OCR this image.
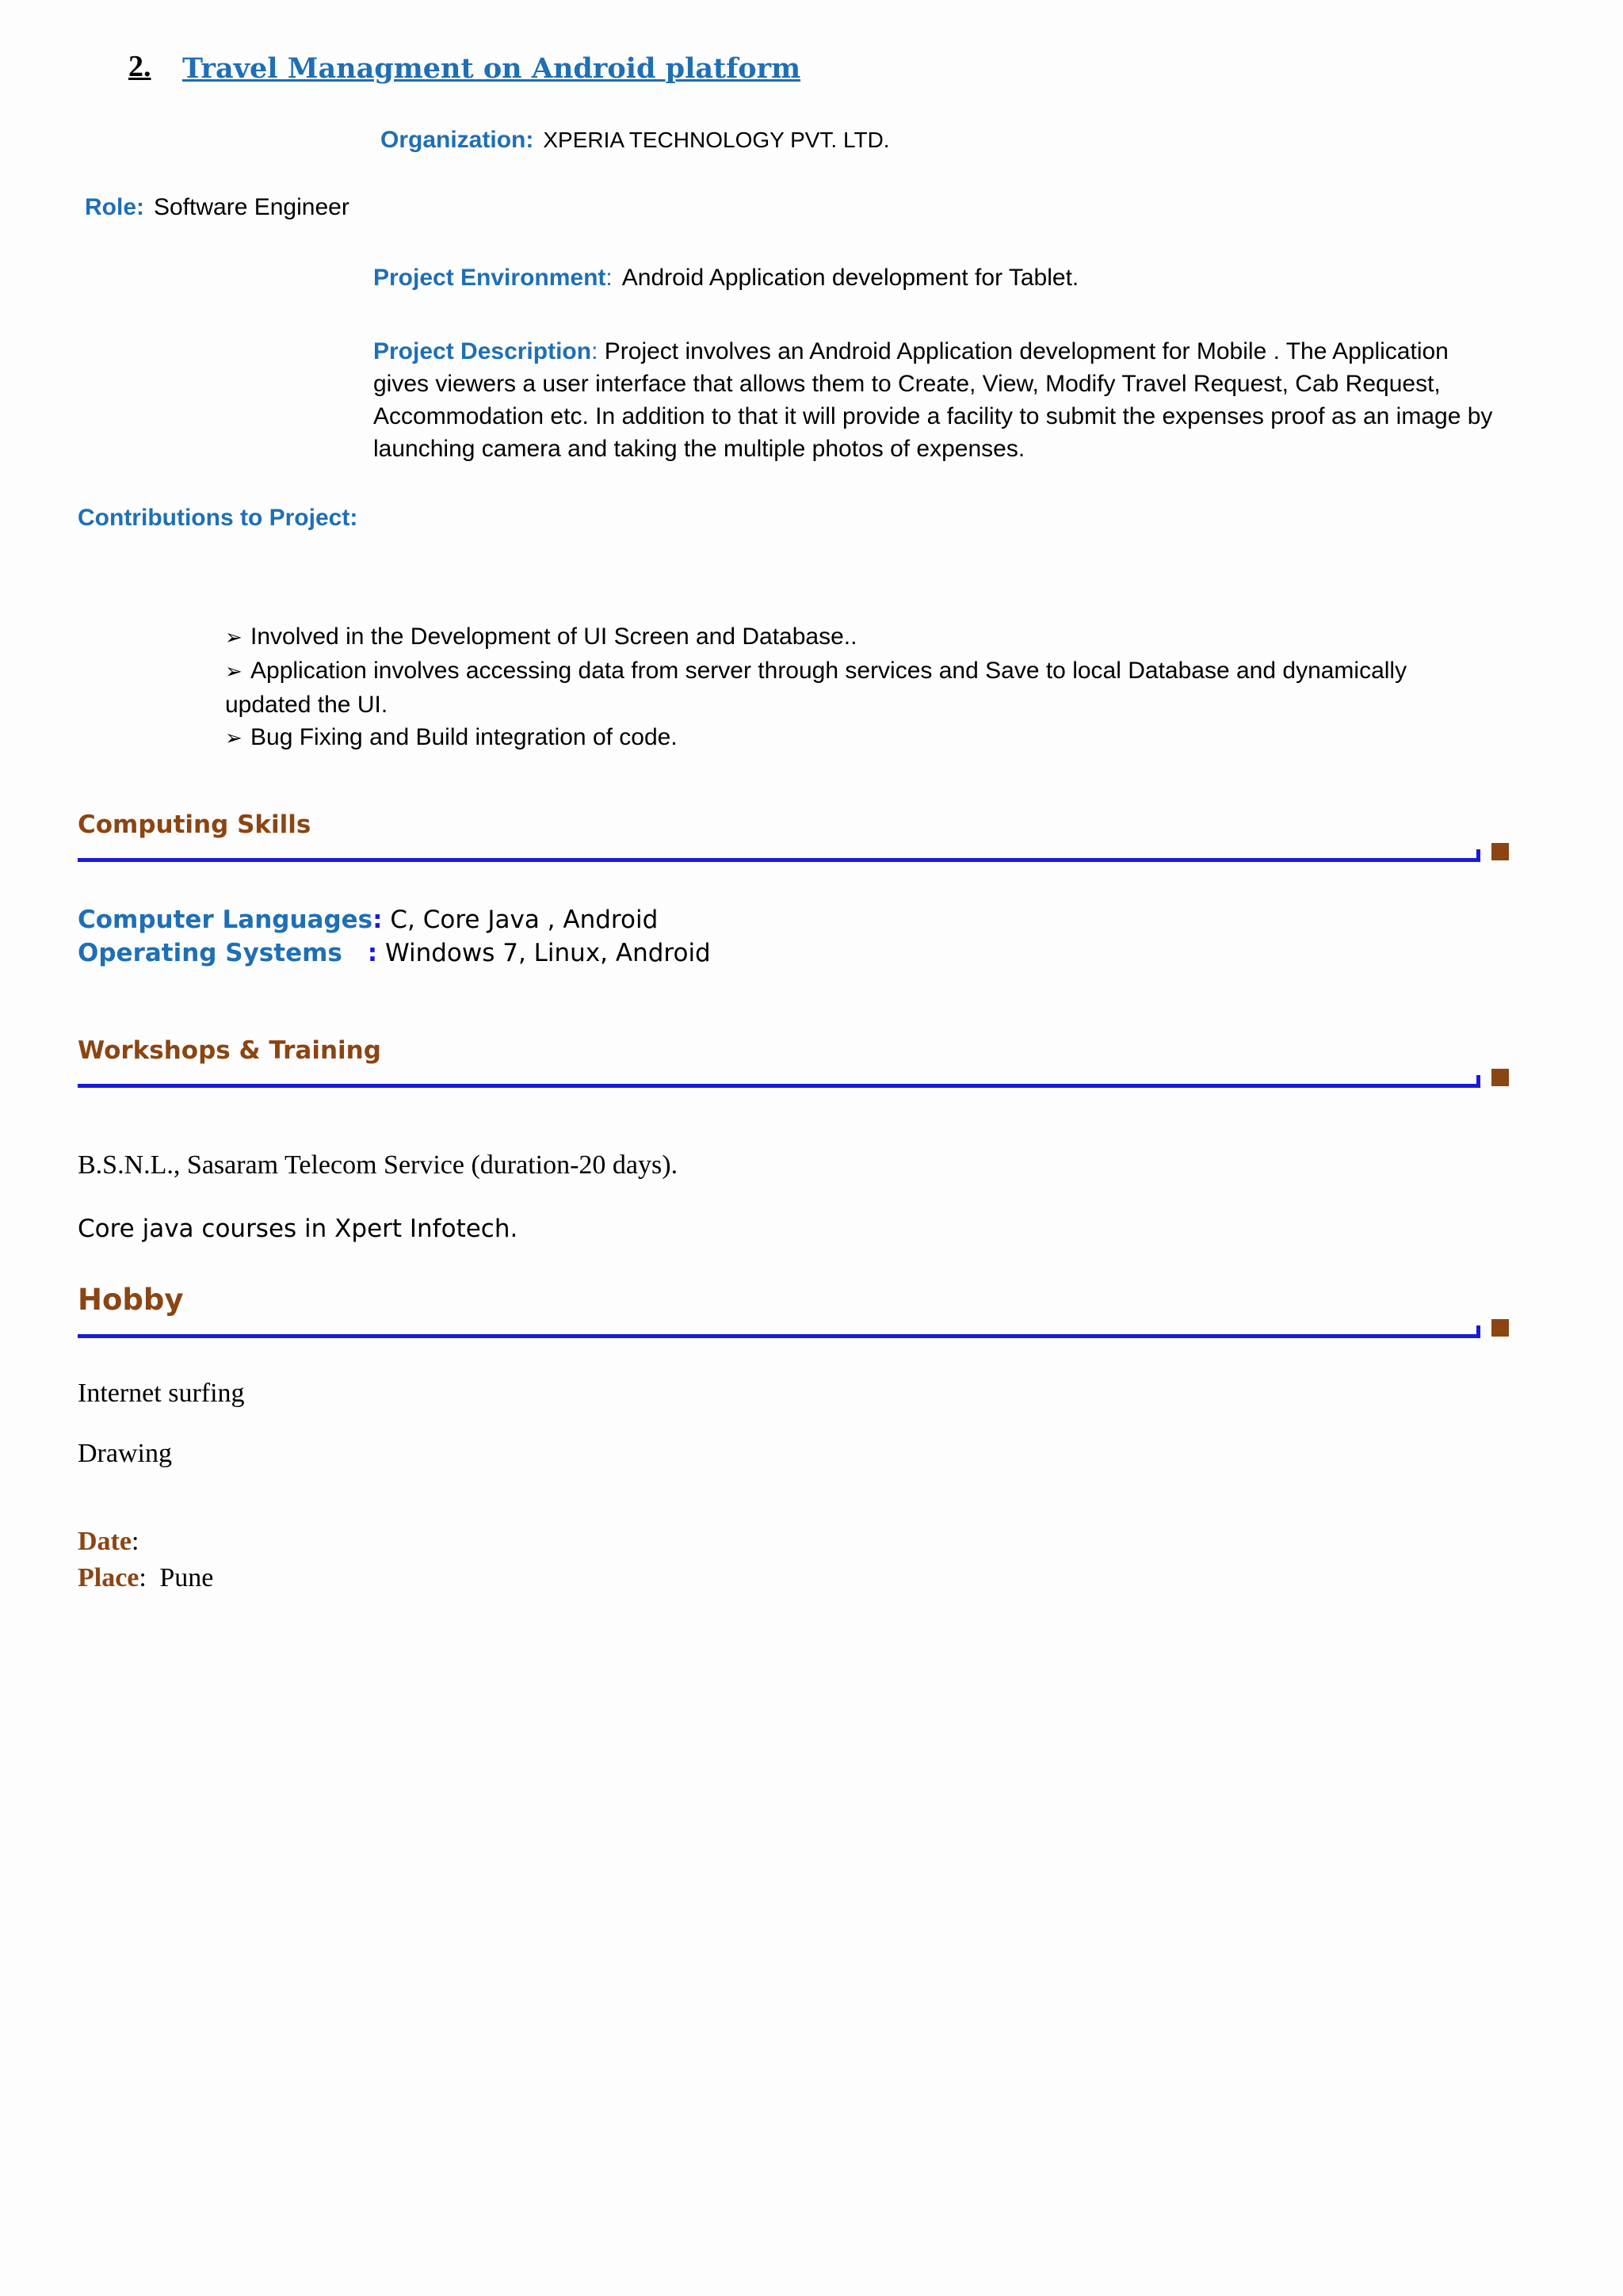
2. Travel Managment on Android platform
Organization: XPERIA TECHNOLOGY PVT. LTD.
Role: Software Engineer
Project Environment: Android Application development for Tablet.
Project Description: Project involves an Android Application development for Mobile . The Application gives viewers a user interface that allows them to Create, View, Modify Travel Request, Cab Request, Accommodation etc. In addition to that it will provide a facility to submit the expenses proof as an image by launching camera and taking the multiple photos of expenses.
Contributions to Project:
➢ Involved in the Development of UI Screen and Database..
➢ Application involves accessing data from server through services and Save to local Database and dynamically updated the UI.
➢ Bug Fixing and Build integration of code.
Computing Skills
Computer Languages: C, Core Java , Android
Operating Systems : Windows 7, Linux, Android
Workshops & Training
B.S.N.L., Sasaram Telecom Service (duration-20 days).
Core java courses in Xpert Infotech.
Hobby
Internet surfing
Drawing
Date:
Place: Pune
